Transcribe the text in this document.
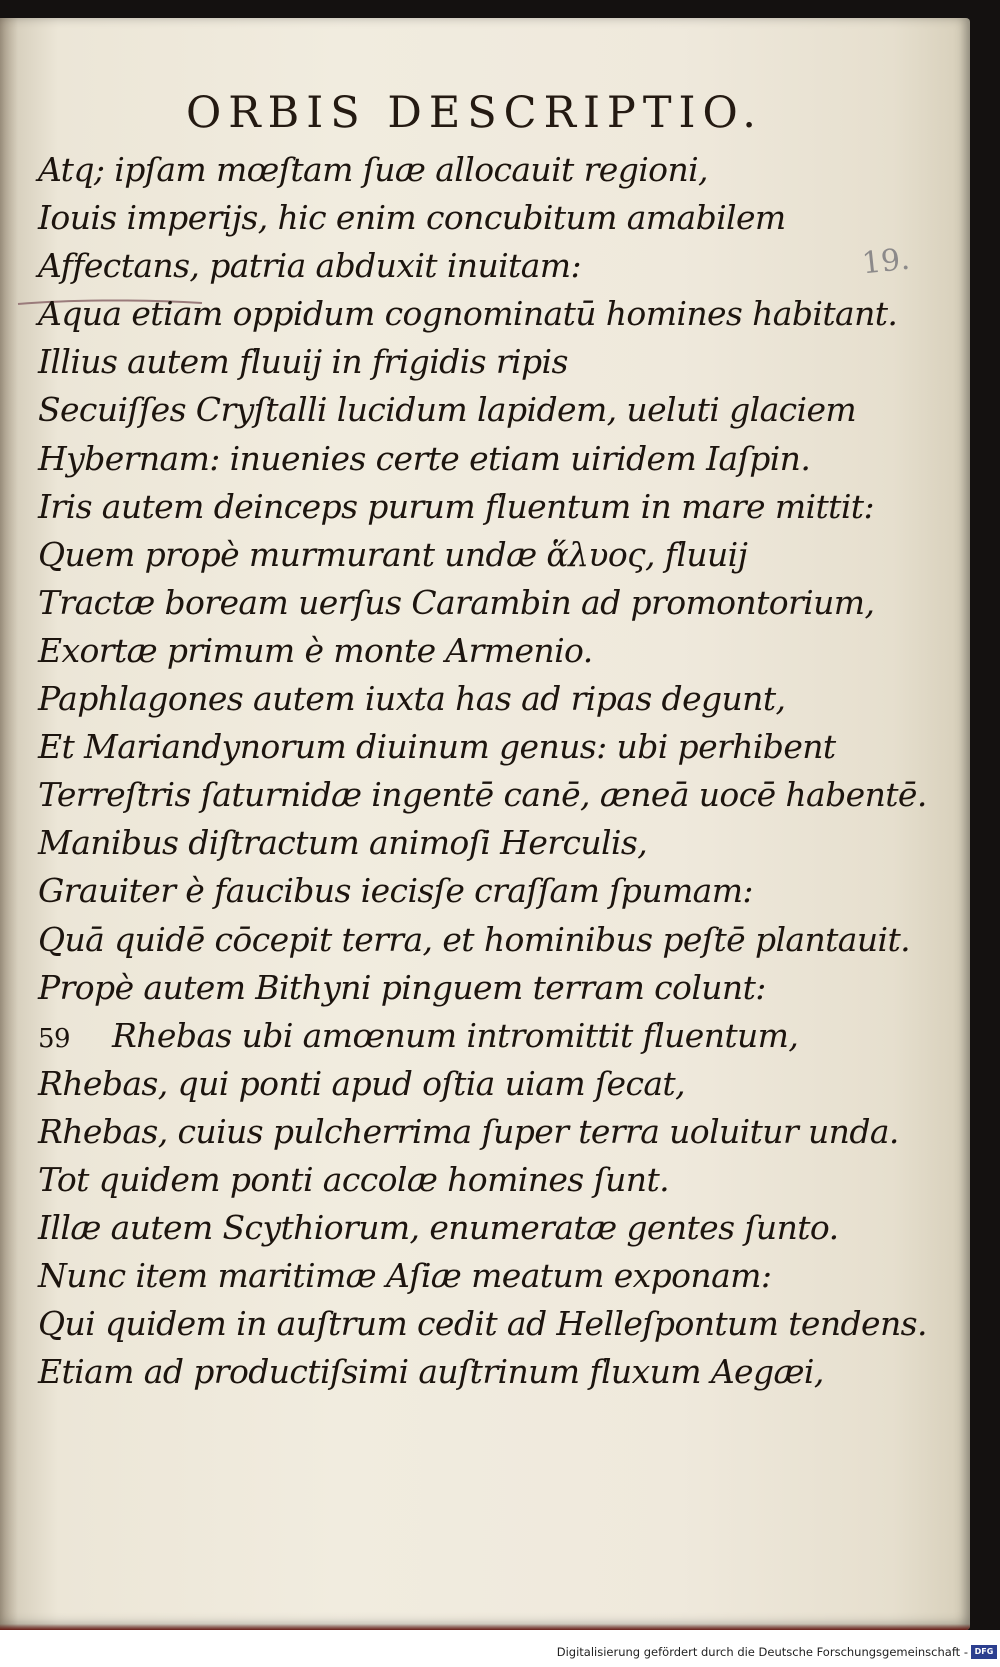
ORBIS DESCRIPTIO.
19.
Atq; ipſam mœſtam ſuæ allocauit regioni,
Iouis imperijs, hic enim concubitum amabilem
Affectans, patria abduxit inuitam:
Aqua etiam oppidum cognominatū homines habitant.
Illius autem fluuij in frigidis ripis
Secuiſſes Cryſtalli lucidum lapidem, ueluti glaciem
Hybernam: inuenies certe etiam uiridem Iaſpin.
Iris autem deinceps purum fluentum in mare mittit:
Quem propè murmurant undæ ἅλυος, fluuij
Tractæ boream uerſus Carambin ad promontorium,
Exortæ primum è monte Armenio.
Paphlagones autem iuxta has ad ripas degunt,
Et Mariandynorum diuinum genus: ubi perhibent
Terreſtris ſaturnidæ ingentē canē, æneā uocē habentē.
Manibus diſtractum animoſi Herculis,
Grauiter è faucibus iecisſe craſſam ſpumam:
Quā quidē cōcepit terra, et hominibus peſtē plantauit.
Propè autem Bithyni pinguem terram colunt:
59 Rhebas ubi amœnum intromittit fluentum,
Rhebas, qui ponti apud oſtia uiam ſecat,
Rhebas, cuius pulcherrima ſuper terra uoluitur unda.
Tot quidem ponti accolæ homines ſunt.
Illæ autem Scythiorum, enumeratæ gentes ſunto.
Nunc item maritimæ Aſiæ meatum exponam:
Qui quidem in auſtrum cedit ad Helleſpontum tendens.
Etiam ad productiſsimi auſtrinum fluxum Aegæi,
Digitalisierung gefördert durch die Deutsche Forschungsgemeinschaft - DFG
